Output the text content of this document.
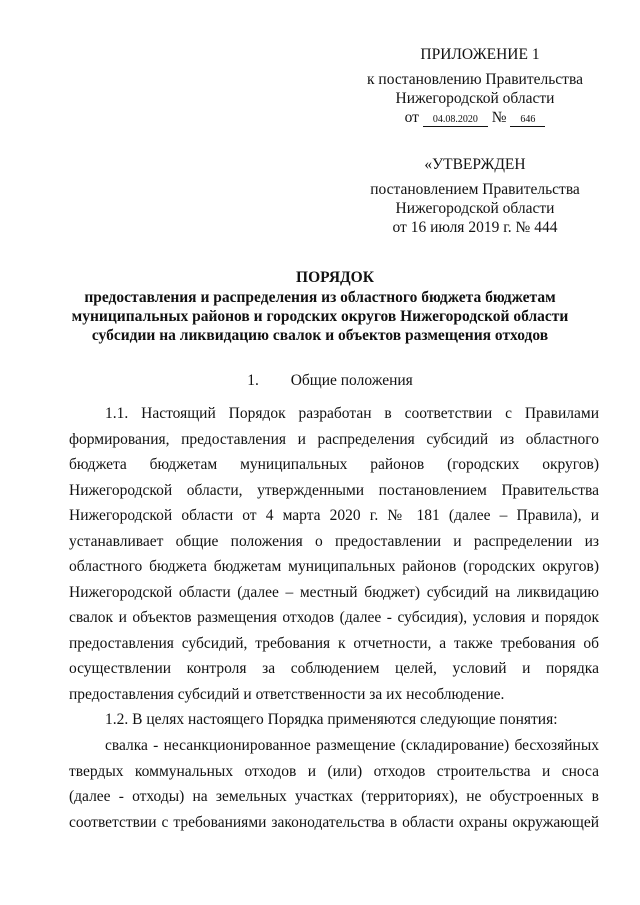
ПРИЛОЖЕНИЕ 1
к постановлению Правительства
Нижегородской области
от 04.08.2020 № 646
«УТВЕРЖДЕН
постановлением Правительства
Нижегородской области
от 16 июля 2019 г. № 444
ПОРЯДОК
предоставления и распределения из областного бюджета бюджетам
муниципальных районов и городских округов Нижегородской области
субсидии на ликвидацию свалок и объектов размещения отходов
1. Общие положения
1.1. Настоящий Порядок разработан в соответствии с Правилами
формирования, предоставления и распределения субсидий из областного
бюджета бюджетам муниципальных районов (городских округов)
Нижегородской области, утвержденными постановлением Правительства
Нижегородской области от 4 марта 2020 г. № 181 (далее – Правила), и
устанавливает общие положения о предоставлении и распределении из
областного бюджета бюджетам муниципальных районов (городских округов)
Нижегородской области (далее – местный бюджет) субсидий на ликвидацию
свалок и объектов размещения отходов (далее - субсидия), условия и порядок
предоставления субсидий, требования к отчетности, а также требования об
осуществлении контроля за соблюдением целей, условий и порядка
предоставления субсидий и ответственности за их несоблюдение.
1.2. В целях настоящего Порядка применяются следующие понятия:
свалка - несанкционированное размещение (складирование) бесхозяйных
твердых коммунальных отходов и (или) отходов строительства и сноса
(далее - отходы) на земельных участках (территориях), не обустроенных в
соответствии с требованиями законодательства в области охраны окружающей
